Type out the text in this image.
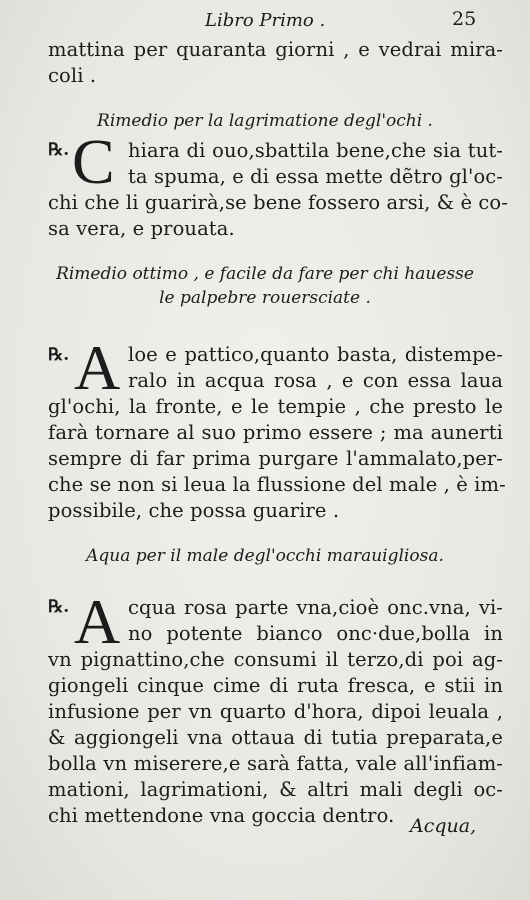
Libro Primo .	25
mattina per quaranta giorni , e vedrai mira-
coli .
Rimedio per la lagrimatione degl'ochi .
℞. C hiara di ouo,sbattila bene,che sia tut-
ta spuma, e di essa mette dẽtro gl'oc-
chi che li guarirà,se bene fossero arsi, & è co-
sa vera, e prouata.
Rimedio ottimo , e facile da fare per chi hauesse
le palpebre rouersciate .
℞. A loe e pattico,quanto basta, distempe-
ralo in acqua rosa , e con essa laua
gl'ochi, la fronte, e le tempie , che presto le
farà tornare al suo primo essere ; ma aunerti
sempre di far prima purgare l'ammalato,per-
che se non si leua la flussione del male , è im-
possibile, che possa guarire .
Aqua per il male degl'occhi marauigliosa.
℞. A cqua rosa parte vna,cioè onc.vna, vi-
no potente bianco onc·due,bolla in
vn pignattino,che consumi il terzo,di poi ag-
giongeli cinque cime di ruta fresca, e stii in
infusione per vn quarto d'hora, dipoi leuala ,
& aggiongeli vna ottaua di tutia preparata,e
bolla vn miserere,e sarà fatta, vale all'infiam-
mationi, lagrimationi, & altri mali degli oc-
chi mettendone vna goccia dentro. Acqua,
